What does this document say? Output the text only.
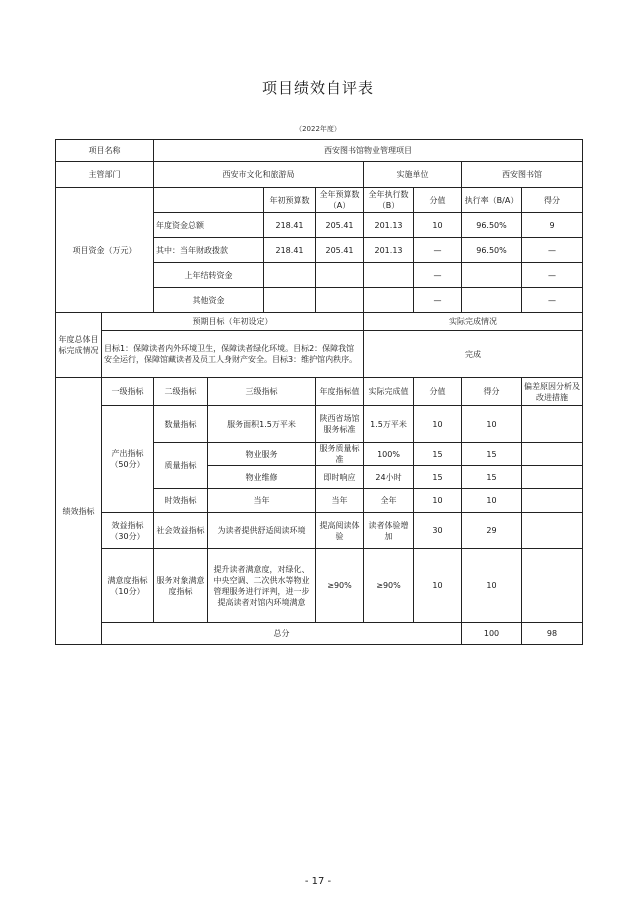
项目绩效自评表
（2022年度）
项目名称		西安图书馆物业管理项目								
主管部门		西安市文化和旅游局				实施单位		西安图书馆		
项目资金（万元）				年初预算数	全年预算数（A）	全年执行数（B）	分值	执行率（B/A）	得分	
		年度资金总额		218.41	205.41	201.13	10	96.50%	9	
		其中：当年财政拨款		218.41	205.41	201.13	—	96.50%	—	
		上年结转资金					—		—	
		其他资金					—		—	
年度总体目标完成情况	预期目标（年初设定）					实际完成情况				
	目标1：保障读者内外环境卫生，保障读者绿化环境。目标2：保障我馆安全运行，保障馆藏读者及员工人身财产安全。目标3：维护馆内秩序。					完成				
绩效指标	一级指标	二级指标	三级指标		年度指标值	实际完成值	分值	得分	偏差原因分析及改进措施	
	产出指标（50分）	数量指标	服务面积1.5万平米		陕西省场馆服务标准	1.5万平米	10	10		
		质量指标	物业服务		服务质量标准	100%	15	15		
			物业维修		即时响应	24小时	15	15		
		时效指标	当年		当年	全年	10	10		
	效益指标（30分）	社会效益指标	为读者提供舒适阅读环境		提高阅读体验	读者体验增加	30	29		
	满意度指标（10分）	服务对象满意度指标	提升读者满意度，对绿化、中央空调、二次供水等物业管理服务进行评判，进一步提高读者对馆内环境满意		≥90%	≥90%	10	10		
	总分							100	98	
- 17 -
